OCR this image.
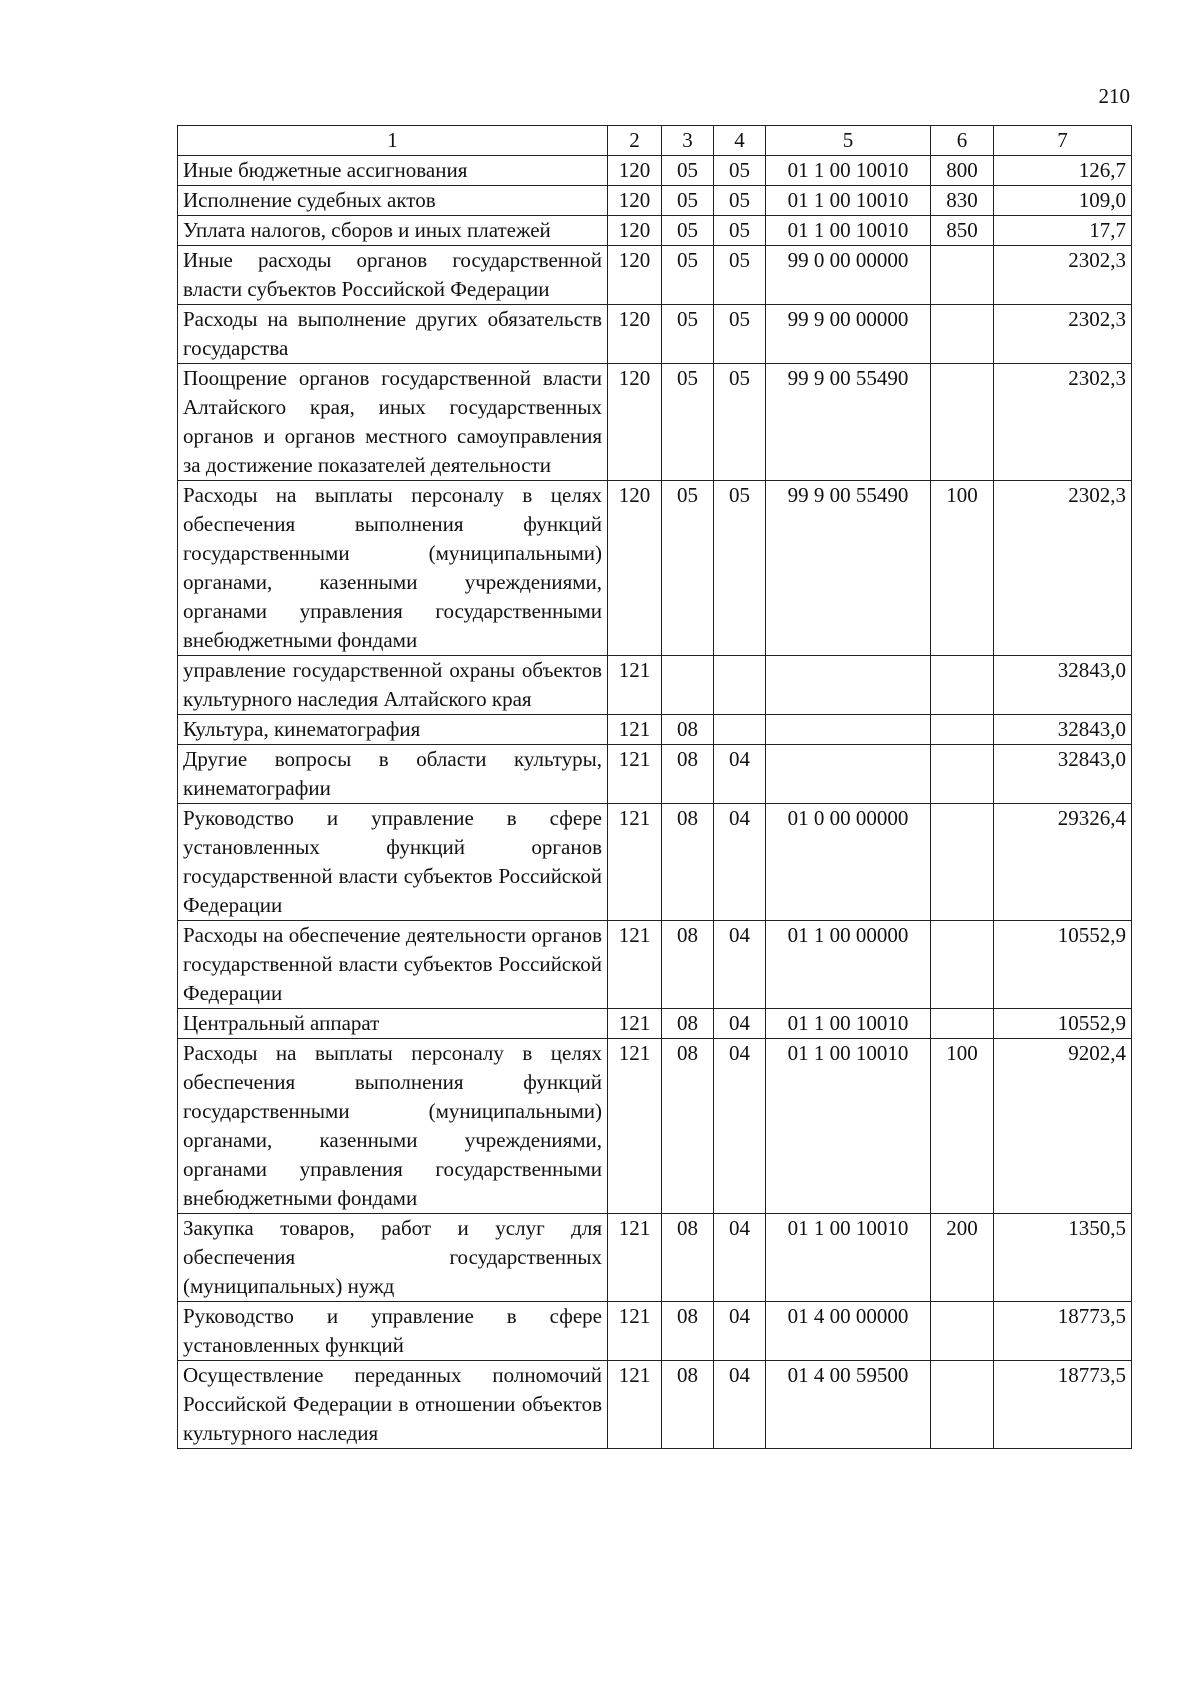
210
1	2	3	4	5	6	7
Иные бюджетные ассигнования	120	05	05	01 1 00 10010	800	126,7
Исполнение судебных актов	120	05	05	01 1 00 10010	830	109,0
Уплата налогов, сборов и иных платежей	120	05	05	01 1 00 10010	850	17,7
Иные расходы органов государственной власти субъектов Российской Федерации	120	05	05	99 0 00 00000		2302,3
Расходы на выполнение других обязательств государства	120	05	05	99 9 00 00000		2302,3
Поощрение органов государственной власти Алтайского края, иных государственных органов и органов местного самоуправления за достижение показателей деятельности	120	05	05	99 9 00 55490		2302,3
Расходы на выплаты персоналу в целях обеспечения выполнения функций государственными (муниципальными) органами, казенными учреждениями, органами управления государственными внебюджетными фондами	120	05	05	99 9 00 55490	100	2302,3
управление государственной охраны объектов культурного наследия Алтайского края	121					32843,0
Культура, кинематография	121	08				32843,0
Другие вопросы в области культуры, кинематографии	121	08	04			32843,0
Руководство и управление в сфере установленных функций органов государственной власти субъектов Российской Федерации	121	08	04	01 0 00 00000		29326,4
Расходы на обеспечение деятельности органов государственной власти субъектов Российской Федерации	121	08	04	01 1 00 00000		10552,9
Центральный аппарат	121	08	04	01 1 00 10010		10552,9
Расходы на выплаты персоналу в целях обеспечения выполнения функций государственными (муниципальными) органами, казенными учреждениями, органами управления государственными внебюджетными фондами	121	08	04	01 1 00 10010	100	9202,4
Закупка товаров, работ и услуг для обеспечения государственных (муниципальных) нужд	121	08	04	01 1 00 10010	200	1350,5
Руководство и управление в сфере установленных функций	121	08	04	01 4 00 00000		18773,5
Осуществление переданных полномочий Российской Федерации в отношении объектов культурного наследия	121	08	04	01 4 00 59500		18773,5
